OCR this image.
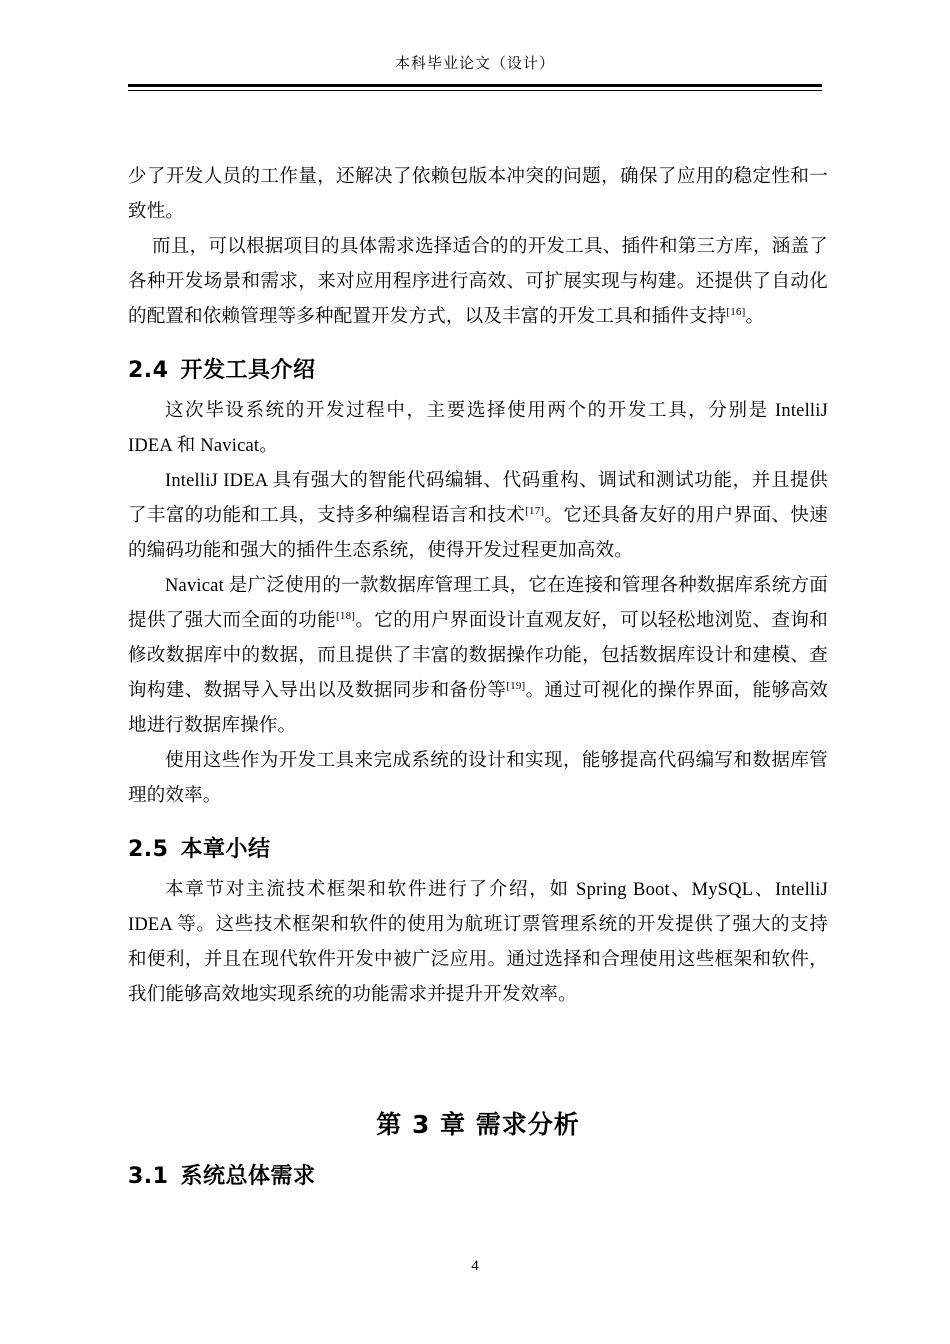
本科毕业论文（设计）

少了开发人员的工作量，还解决了依赖包版本冲突的问题，确保了应用的稳定性和一致性。

而且，可以根据项目的具体需求选择适合的的开发工具、插件和第三方库，涵盖了各种开发场景和需求，来对应用程序进行高效、可扩展实现与构建。还提供了自动化的配置和依赖管理等多种配置开发方式，以及丰富的开发工具和插件支持[16]。

2.4 开发工具介绍

这次毕设系统的开发过程中，主要选择使用两个的开发工具，分别是 IntelliJ IDEA 和 Navicat。

IntelliJ IDEA 具有强大的智能代码编辑、代码重构、调试和测试功能，并且提供了丰富的功能和工具，支持多种编程语言和技术[17]。它还具备友好的用户界面、快速的编码功能和强大的插件生态系统，使得开发过程更加高效。

Navicat 是广泛使用的一款数据库管理工具，它在连接和管理各种数据库系统方面提供了强大而全面的功能[18]。它的用户界面设计直观友好，可以轻松地浏览、查询和修改数据库中的数据，而且提供了丰富的数据操作功能，包括数据库设计和建模、查询构建、数据导入导出以及数据同步和备份等[19]。通过可视化的操作界面，能够高效地进行数据库操作。

使用这些作为开发工具来完成系统的设计和实现，能够提高代码编写和数据库管理的效率。

2.5 本章小结

本章节对主流技术框架和软件进行了介绍，如 Spring Boot、MySQL、IntelliJ IDEA 等。这些技术框架和软件的使用为航班订票管理系统的开发提供了强大的支持和便利，并且在现代软件开发中被广泛应用。通过选择和合理使用这些框架和软件，我们能够高效地实现系统的功能需求并提升开发效率。

第 3 章 需求分析
3.1 系统总体需求
4
